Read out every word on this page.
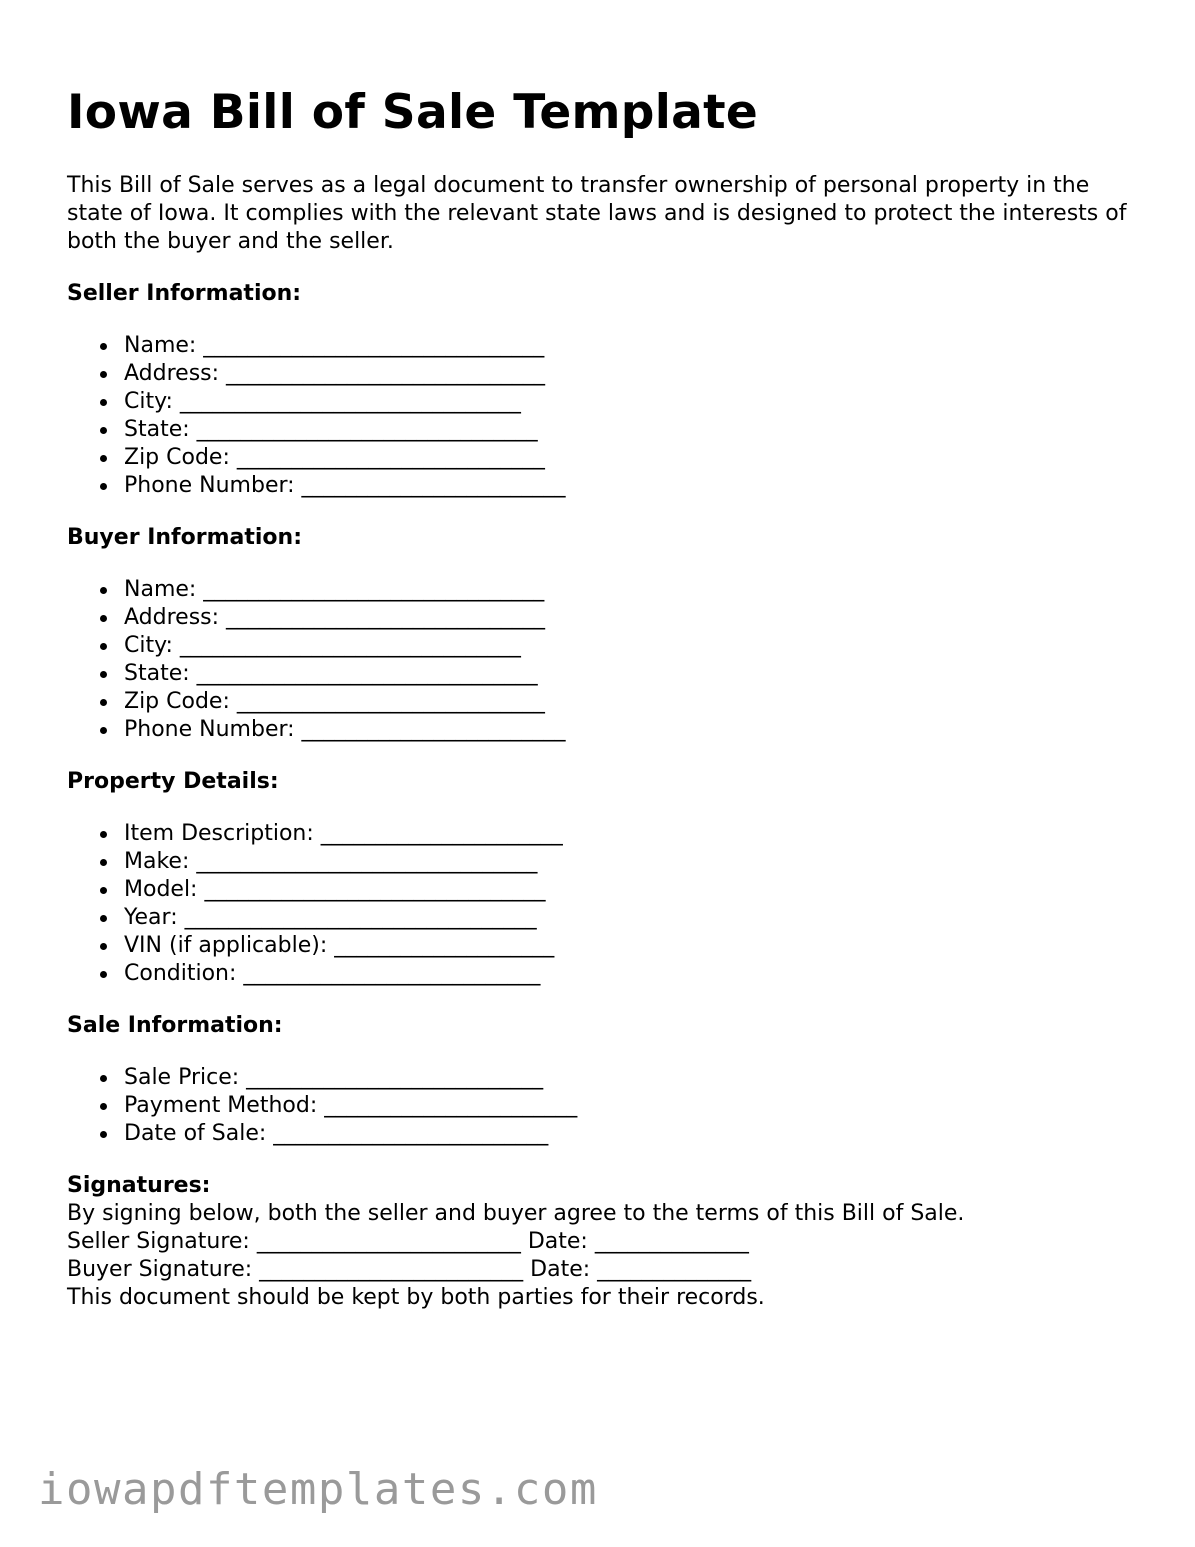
Iowa Bill of Sale Template

This Bill of Sale serves as a legal document to transfer ownership of personal property in the state of Iowa. It complies with the relevant state laws and is designed to protect the interests of both the buyer and the seller.

Seller Information:
Name: _______________________________
Address: _____________________________
City: _______________________________
State: _______________________________
Zip Code: ____________________________
Phone Number: ________________________
Buyer Information:
Name: _______________________________
Address: _____________________________
City: _______________________________
State: _______________________________
Zip Code: ____________________________
Phone Number: ________________________
Property Details:
Item Description: ______________________
Make: _______________________________
Model: _______________________________
Year: ________________________________
VIN (if applicable): ____________________
Condition: ___________________________
Sale Information:
Sale Price: ___________________________
Payment Method: _______________________
Date of Sale: _________________________
Signatures:

By signing below, both the seller and buyer agree to the terms of this Bill of Sale.

Seller Signature: ________________________ Date: ______________

Buyer Signature: ________________________ Date: ______________

This document should be kept by both parties for their records.

iowapdftemplates.com
